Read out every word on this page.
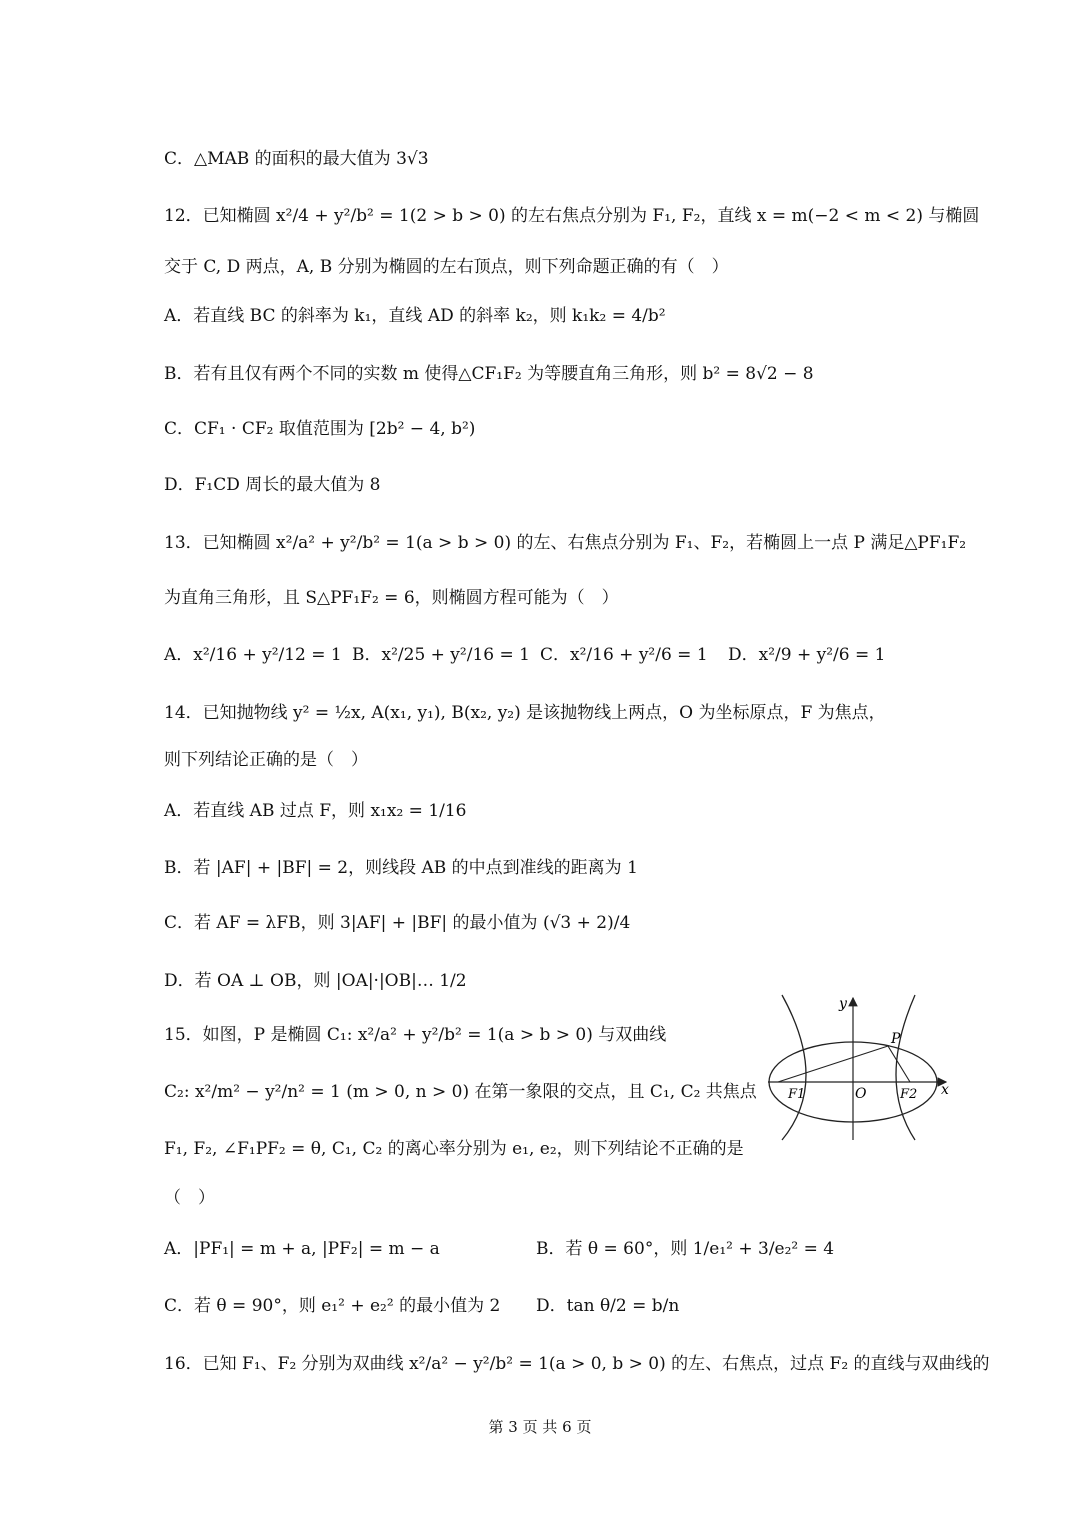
C．△MAB 的面积的最大值为 3√3
12．已知椭圆 x²/4 + y²/b² = 1(2 > b > 0) 的左右焦点分别为 F₁, F₂，直线 x = m(−2 < m < 2) 与椭圆
交于 C, D 两点，A, B 分别为椭圆的左右顶点，则下列命题正确的有（　）
A．若直线 BC 的斜率为 k₁，直线 AD 的斜率 k₂，则 k₁k₂ = 4/b²
B．若有且仅有两个不同的实数 m 使得△CF₁F₂ 为等腰直角三角形，则 b² = 8√2 − 8
C．CF₁ · CF₂ 取值范围为 [2b² − 4, b²)
D．F₁CD 周长的最大值为 8
13．已知椭圆 x²/a² + y²/b² = 1(a > b > 0) 的左、右焦点分别为 F₁、F₂，若椭圆上一点 P 满足△PF₁F₂
为直角三角形，且 S△PF₁F₂ = 6，则椭圆方程可能为（　）
A．x²/16 + y²/12 = 1 B．x²/25 + y²/16 = 1 C．x²/16 + y²/6 = 1 D．x²/9 + y²/6 = 1
14．已知抛物线 y² = ½x, A(x₁, y₁), B(x₂, y₂) 是该抛物线上两点，O 为坐标原点，F 为焦点，
则下列结论正确的是（　）
A．若直线 AB 过点 F，则 x₁x₂ = 1/16
B．若 |AF| + |BF| = 2，则线段 AB 的中点到准线的距离为 1
C．若 AF = λFB，则 3|AF| + |BF| 的最小值为 (√3 + 2)/4
D．若 OA ⊥ OB，则 |OA|·|OB|… 1/2
15．如图，P 是椭圆 C₁: x²/a² + y²/b² = 1(a > b > 0) 与双曲线
C₂: x²/m² − y²/n² = 1 (m > 0, n > 0) 在第一象限的交点，且 C₁, C₂ 共焦点
F₁, F₂, ∠F₁PF₂ = θ, C₁, C₂ 的离心率分别为 e₁, e₂，则下列结论不正确的是
（　）
A．|PF₁| = m + a, |PF₂| = m − a	B．若 θ = 60°，则 1/e₁² + 3/e₂² = 4
C．若 θ = 90°，则 e₁² + e₂² 的最小值为 2 D．tan θ/2 = b/n
16．已知 F₁、F₂ 分别为双曲线 x²/a² − y²/b² = 1(a > 0, b > 0) 的左、右焦点，过点 F₂ 的直线与双曲线的
y
x
P
O
F1	F2
第 3 页 共 6 页
